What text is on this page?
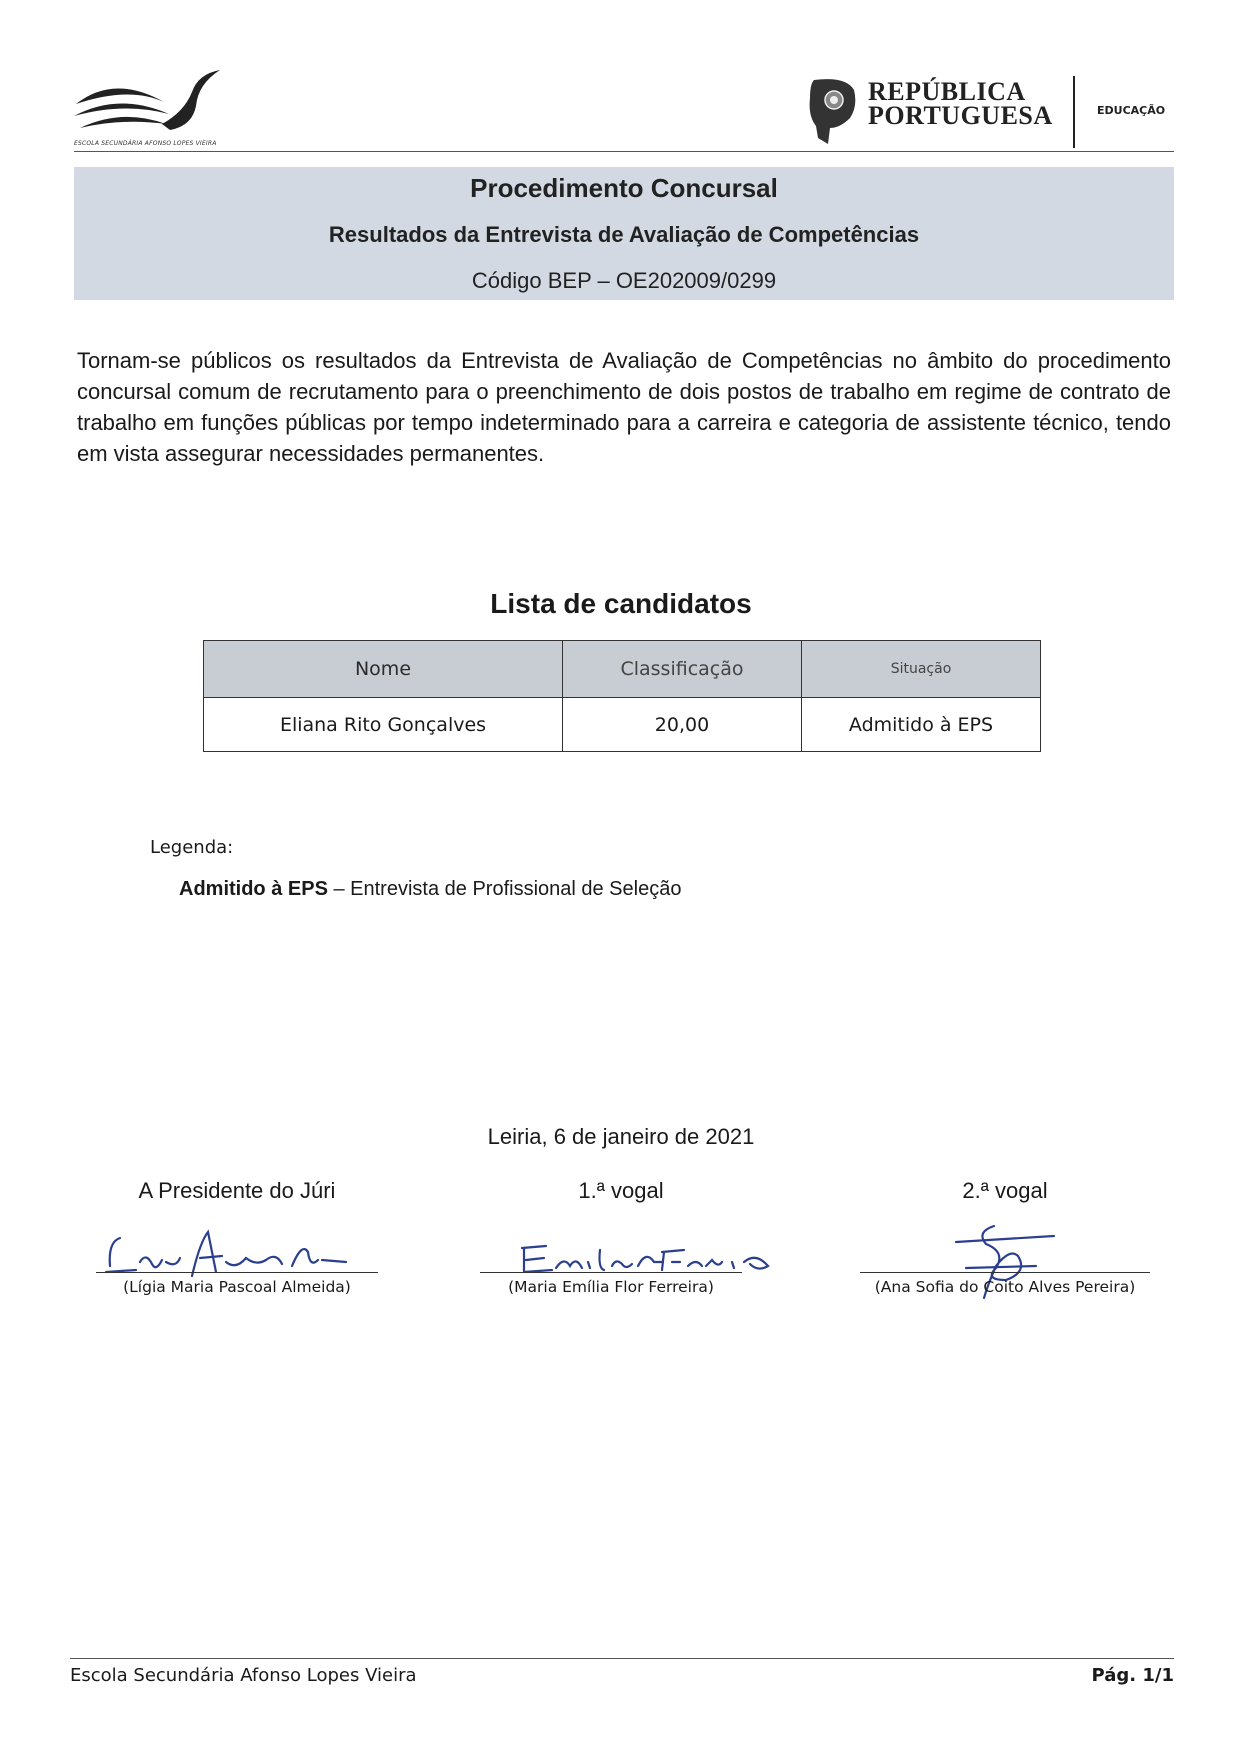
ESCOLA SECUNDÁRIA AFONSO LOPES VIEIRA
REPÚBLICA
PORTUGUESA	EDUCAÇÃO
Procedimento Concursal
Resultados da Entrevista de Avaliação de Competências
Código BEP – OE202009/0299
Tornam-se públicos os resultados da Entrevista de Avaliação de Competências no âmbito do procedimento concursal comum de recrutamento para o preenchimento de dois postos de trabalho em regime de contrato de trabalho em funções públicas por tempo indeterminado para a carreira e categoria de assistente técnico, tendo em vista assegurar necessidades permanentes.
Lista de candidatos
Nome	Classificação	Situação
Eliana Rito Gonçalves	20,00	Admitido à EPS
Legenda:
Admitido à EPS – Entrevista de Profissional de Seleção
Leiria, 6 de janeiro de 2021
A Presidente do Júri	1.ª vogal	2.ª vogal
(Lígia Maria Pascoal Almeida)	(Maria Emília Flor Ferreira)	(Ana Sofia do Coito Alves Pereira)
Escola Secundária Afonso Lopes Vieira	Pág. 1/1
